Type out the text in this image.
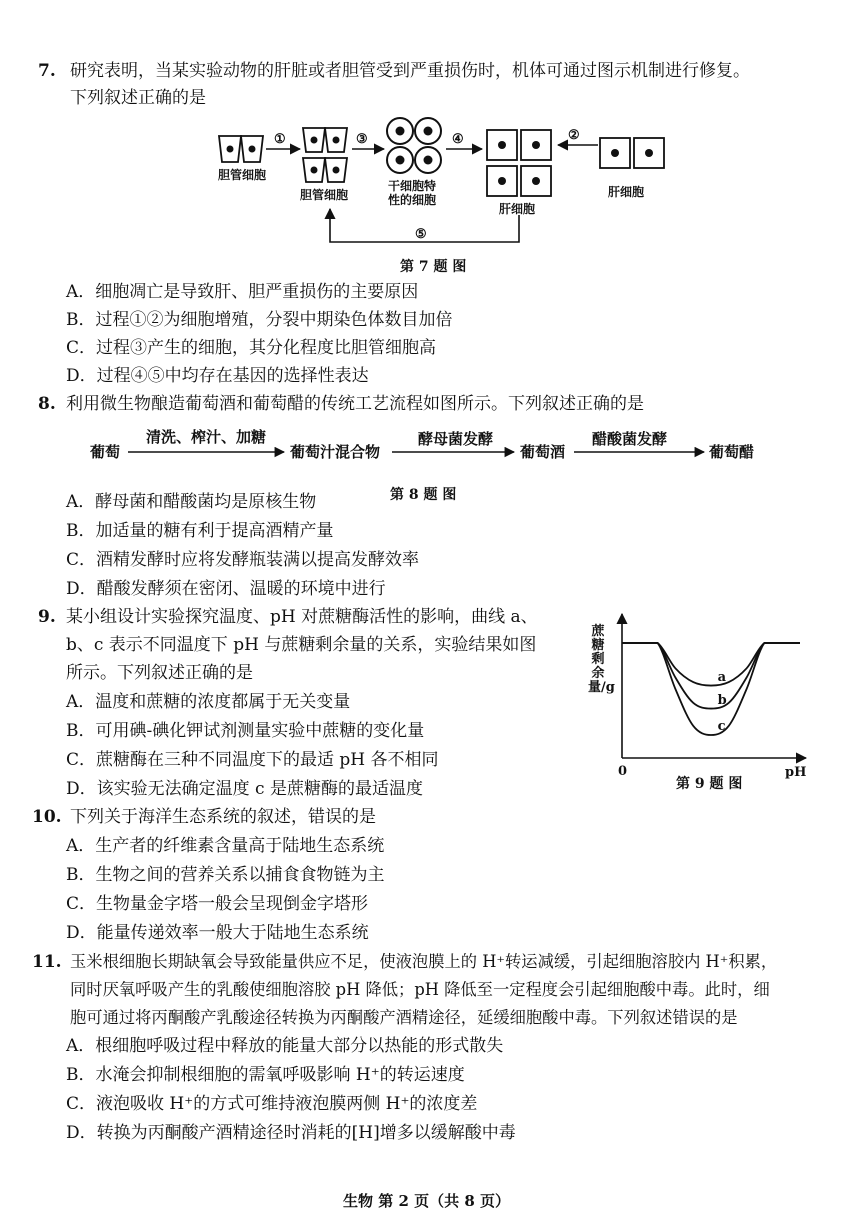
7. 研究表明，当某实验动物的肝脏或者胆管受到严重损伤时，机体可通过图示机制进行修复。
下列叙述正确的是
①	③	④	②
⑤
胆管细胞
胆管细胞
干细胞特
性的细胞
肝细胞
肝细胞
第 7 题 图
A．细胞凋亡是导致肝、胆严重损伤的主要原因
B．过程①②为细胞增殖，分裂中期染色体数目加倍
C．过程③产生的细胞，其分化程度比胆管细胞高
D．过程④⑤中均存在基因的选择性表达
8. 利用微生物酿造葡萄酒和葡萄醋的传统工艺流程如图所示。下列叙述正确的是
葡萄
清洗、榨汁、加糖
葡萄汁混合物
酵母菌发酵
葡萄酒
醋酸菌发酵
葡萄醋
第 8 题 图
A．酵母菌和醋酸菌均是原核生物
B．加适量的糖有利于提高酒精产量
C．酒精发酵时应将发酵瓶装满以提高发酵效率
D．醋酸发酵须在密闭、温暖的环境中进行
9. 某小组设计实验探究温度、pH 对蔗糖酶活性的影响，曲线 a、
b、c 表示不同温度下 pH 与蔗糖剩余量的关系，实验结果如图
所示。下列叙述正确的是
A．温度和蔗糖的浓度都属于无关变量
B．可用碘-碘化钾试剂测量实验中蔗糖的变化量
C．蔗糖酶在三种不同温度下的最适 pH 各不相同
D．该实验无法确定温度 c 是蔗糖酶的最适温度
蔗糖剩余量/g
0	pH
a
b
c
第 9 题 图
10. 下列关于海洋生态系统的叙述，错误的是
A．生产者的纤维素含量高于陆地生态系统
B．生物之间的营养关系以捕食食物链为主
C．生物量金字塔一般会呈现倒金字塔形
D．能量传递效率一般大于陆地生态系统
11. 玉米根细胞长期缺氧会导致能量供应不足，使液泡膜上的 H⁺转运减缓，引起细胞溶胶内 H⁺积累，
同时厌氧呼吸产生的乳酸使细胞溶胶 pH 降低；pH 降低至一定程度会引起细胞酸中毒。此时，细
胞可通过将丙酮酸产乳酸途径转换为丙酮酸产酒精途径，延缓细胞酸中毒。下列叙述错误的是
A．根细胞呼吸过程中释放的能量大部分以热能的形式散失
B．水淹会抑制根细胞的需氧呼吸影响 H⁺的转运速度
C．液泡吸收 H⁺的方式可维持液泡膜两侧 H⁺的浓度差
D．转换为丙酮酸产酒精途径时消耗的[H]增多以缓解酸中毒
生物 第 2 页（共 8 页）
